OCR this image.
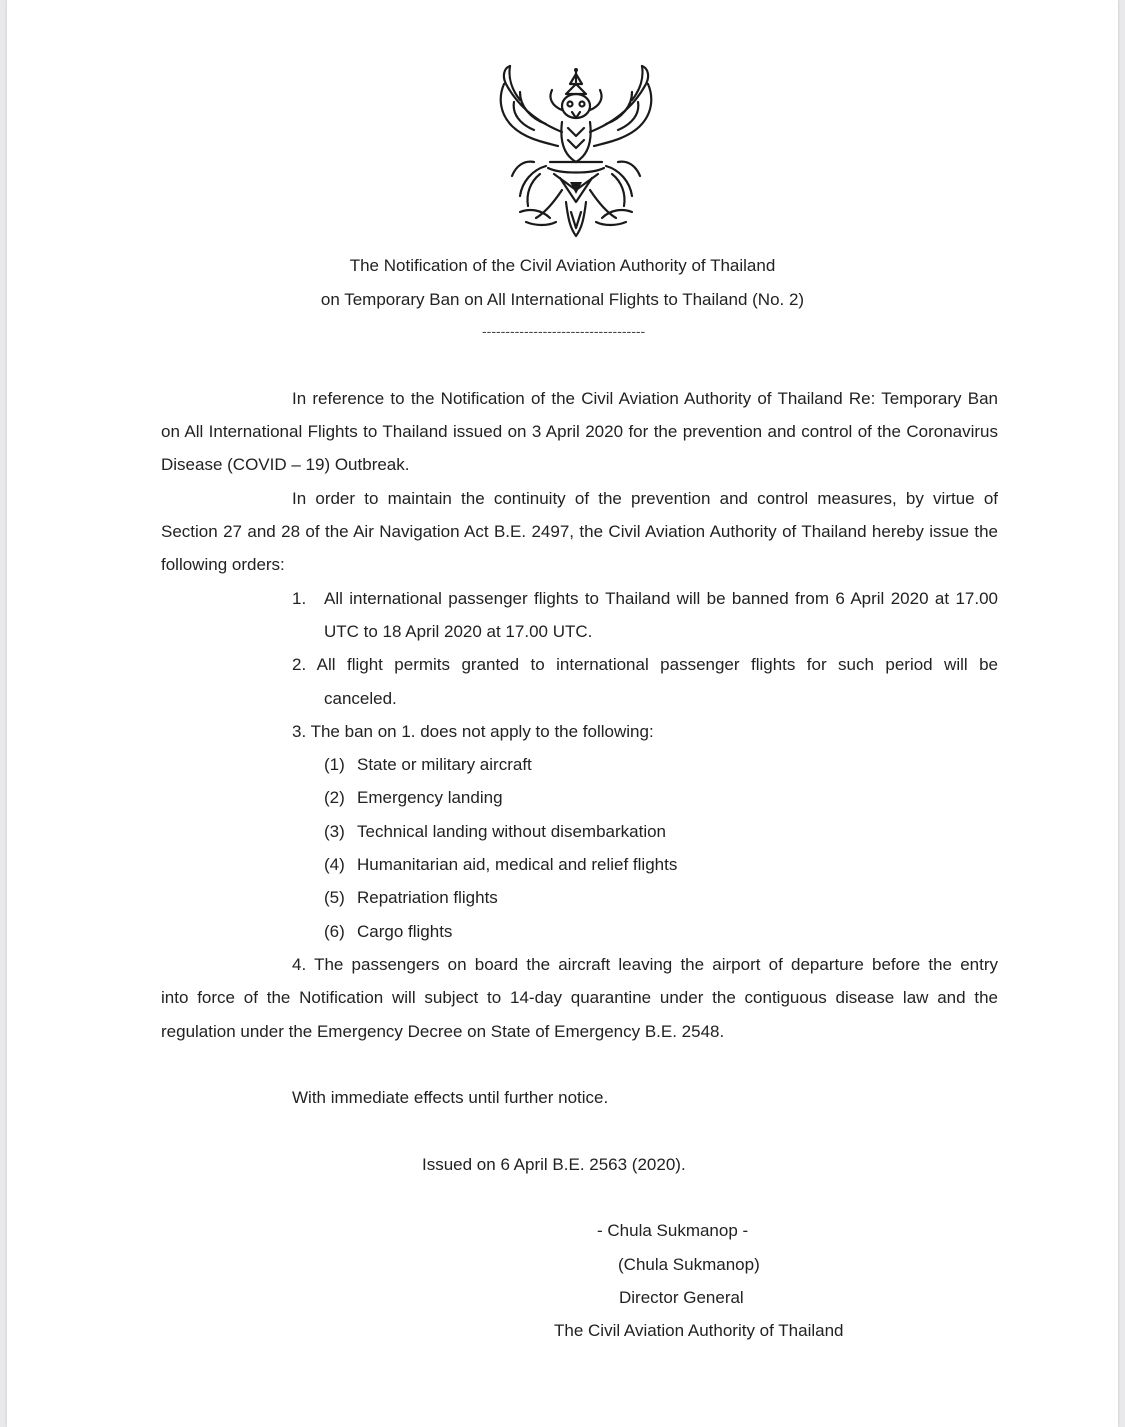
The Notification of the Civil Aviation Authority of Thailand
on Temporary Ban on All International Flights to Thailand (No. 2)
-----------------------------------
In reference to the Notification of the Civil Aviation Authority of Thailand Re: Temporary Ban
on All International Flights to Thailand issued on 3 April 2020 for the prevention and control of the Coronavirus
Disease (COVID – 19) Outbreak.
In order to maintain the continuity of the prevention and control measures, by virtue of
Section 27 and 28 of the Air Navigation Act B.E. 2497, the Civil Aviation Authority of Thailand hereby issue the
following orders:
1. All international passenger flights to Thailand will be banned from 6 April 2020 at 17.00
UTC to 18 April 2020 at 17.00 UTC.
2. All flight permits granted to international passenger flights for such period will be
canceled.
3. The ban on 1. does not apply to the following:
(1) State or military aircraft
(2) Emergency landing
(3) Technical landing without disembarkation
(4) Humanitarian aid, medical and relief flights
(5) Repatriation flights
(6) Cargo flights
4. The passengers on board the aircraft leaving the airport of departure before the entry
into force of the Notification will subject to 14-day quarantine under the contiguous disease law and the
regulation under the Emergency Decree on State of Emergency B.E. 2548.
With immediate effects until further notice.
Issued on 6 April B.E. 2563 (2020).
- Chula Sukmanop -
(Chula Sukmanop)
Director General
The Civil Aviation Authority of Thailand
